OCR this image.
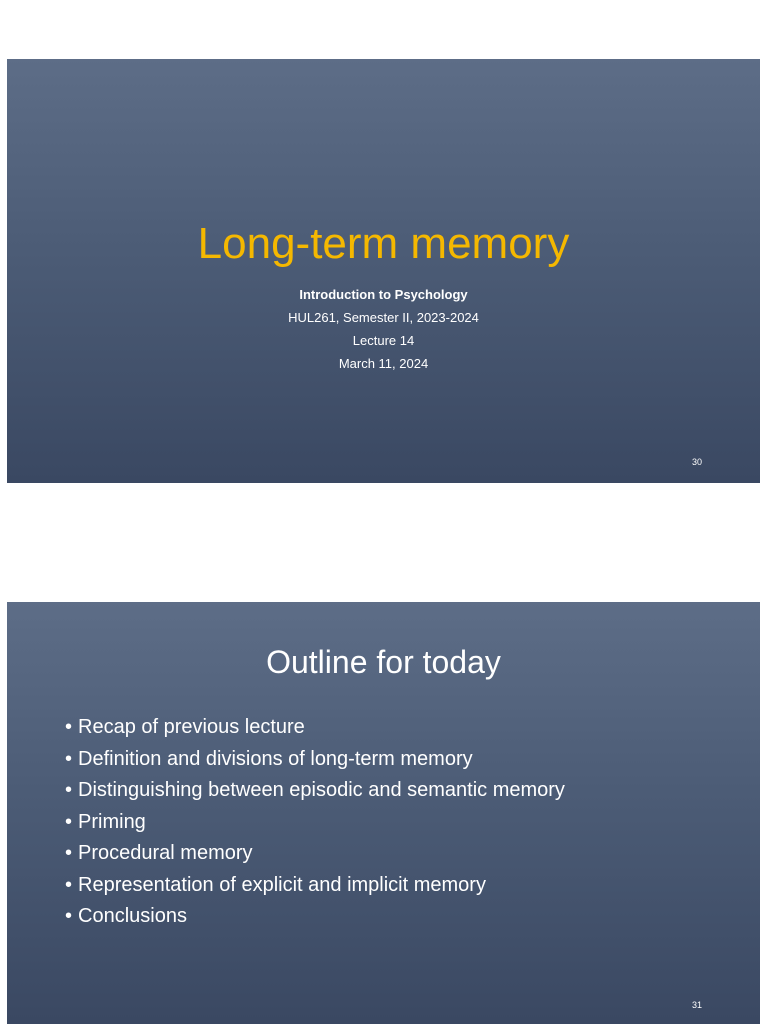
Long-term memory
Introduction to Psychology
HUL261, Semester II, 2023-2024
Lecture 14
March 11, 2024
30
Outline for today
• Recap of previous lecture
• Definition and divisions of long-term memory
• Distinguishing between episodic and semantic memory
• Priming
• Procedural memory
• Representation of explicit and implicit memory
• Conclusions
31
